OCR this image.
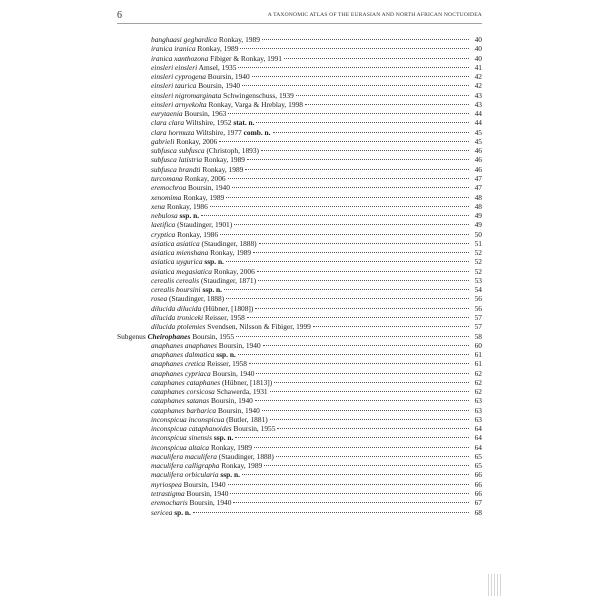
6	A TAXONOMIC ATLAS OF THE EURASIAN AND NORTH AFRICAN NOCTUOIDEA
banghaasi geghardica Ronkay, 1989	40
iranica iranica Ronkay, 1989	40
iranica xanthozona Fibiger & Ronkay, 1991	40
einsleri einsleri Amsel, 1935	41
einsleri cyprogena Boursin, 1940	42
einsleri taurica Boursin, 1940	42
einsleri nigromarginata Schwingenschuss, 1939	43
einsleri arnyekolta Ronkay, Varga & Hreblay, 1998	43
eurytaenia Boursin, 1963	44
clara clara Wiltshire, 1952 stat. n.	44
clara hormuza Wiltshire, 1977 comb. n.	45
gabrieli Ronkay, 2006	45
subfusca subfusca (Christoph, 1893)	46
subfusca latistria Ronkay, 1989	46
subfusca brandti Ronkay, 1989	46
turcomana Ronkay, 2006	47
eremochroa Boursin, 1940	47
xenomima Ronkay, 1989	48
xena Ronkay, 1986	48
nebulosa ssp. n.	49
laetifica (Staudinger, 1901)	49
cryptica Ronkay, 1986	50
asiatica asiatica (Staudinger, 1888)	51
asiatica mienshana Ronkay, 1989	52
asiatica uygurica ssp. n.	52
asiatica megasiatica Ronkay, 2006	52
cerealis cerealis (Staudinger, 1871)	53
cerealis boursini ssp. n.	54
rosea (Staudinger, 1888)	56
dilucida dilucida (Hübner, [1808])	56
dilucida troniceki Reisser, 1958	57
dilucida ptolemies Svendsen, Nilsson & Fibiger, 1999	57
Subgenus Cheirophanes Boursin, 1955	58
anaphanes anaphanes Boursin, 1940	60
anaphanes dalmatica ssp. n.	61
anaphanes cretica Reisser, 1958	61
anaphanes cypriaca Boursin, 1940	62
cataphanes cataphanes (Hübner, [1813])	62
cataphanes corsicosa Schawerda, 1931	62
cataphanes satanas Boursin, 1940	63
cataphanes barbarica Boursin, 1940	63
inconspicua inconspicua (Butler, 1881)	63
inconspicua cataphanoides Boursin, 1955	64
inconspicua sinensis ssp. n.	64
inconspicua altaica Ronkay, 1989	64
maculifera maculifera (Staudinger, 1888)	65
maculifera calligrapha Ronkay, 1989	65
maculifera orbicularia ssp. n.	66
myriospea Boursin, 1940	66
tetrastigma Boursin, 1940	66
eremocharis Boursin, 1940	67
sericea sp. n.	68
